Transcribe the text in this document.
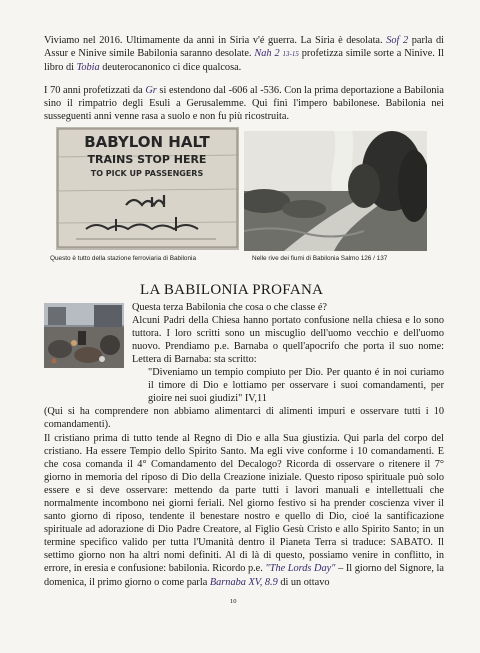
Viviamo nel 2016. Ultimamente da anni in Siria v'é guerra. La Siria è desolata. Sof 2 parla di Assur e Ninive simile Babilonia saranno desolate. Nah 2 13-15 profetizza simile sorte a Ninive. Il libro di Tobia deuterocanonico ci dice qualcosa.

I 70 anni profetizzati da Gr si estendono dal -606 al -536. Con la prima deportazione a Babilonia sino il rimpatrio degli Esuli a Gerusalemme. Qui finì l'impero babilonese. Babilonia nei susseguenti anni venne rasa a suolo e non fu più ricostruita.

BABYLON HALT
TRAINS STOP HERE
TO PICK UP PASSENGERS
Questo è tutto della stazione ferroviaria di Babilonia	Nelle rive dei fiumi di Babilonia Salmo 126 / 137
LA BABILONIA PROFANA

Questa terza Babilonia che cosa o che classe é?

Alcuni Padri della Chiesa hanno portato confusione nella chiesa e lo sono tuttora. I loro scritti sono un miscuglio dell'uomo vecchio e dell'uomo nuovo. Prendiamo p.e. Barnaba o quell'apocrifo che porta il suo nome: Lettera di Barnaba: sta scritto:

"Diveniamo un tempio compiuto per Dio. Per quanto é in noi curiamo il timore di Dio e lottiamo per osservare i suoi comandamenti, per gioire nei suoi giudizi" IV,11

(Qui si ha comprendere non abbiamo alimentarci di alimenti impuri e osservare tutti i 10 comandamenti).

Il cristiano prima di tutto tende al Regno di Dio e alla Sua giustizia. Qui parla del corpo del cristiano. Ha essere Tempio dello Spirito Santo. Ma egli vive conforme i 10 comandamenti. E che cosa comanda il 4° Comandamento del Decalogo? Ricorda di osservare o ritenere il 7° giorno in memoria del riposo di Dio della Creazione iniziale. Questo riposo spirituale può solo essere e si deve osservare: mettendo da parte tutti i lavori manuali e intellettuali che normalmente incombono nei giorni feriali. Nel giorno festivo si ha prender coscienza viver il santo giorno di riposo, tendente il benestare nostro e quello di Dio, cioé la santificazione spirituale ad adorazione di Dio Padre Creatore, al Figlio Gesù Cristo e allo Spirito Santo; in un termine specifico valido per tutta l'Umanità dentro il Pianeta Terra si traduce: SABATO. Il settimo giorno non ha altri nomi definiti. Al di là di questo, possiamo venire in conflitto, in errore, in eresia e confusione: babilonia. Ricordo p.e. "The Lords Day" – Il giorno del Signore, la domenica, il primo giorno o come parla Barnaba XV, 8.9 di un ottavo

10
